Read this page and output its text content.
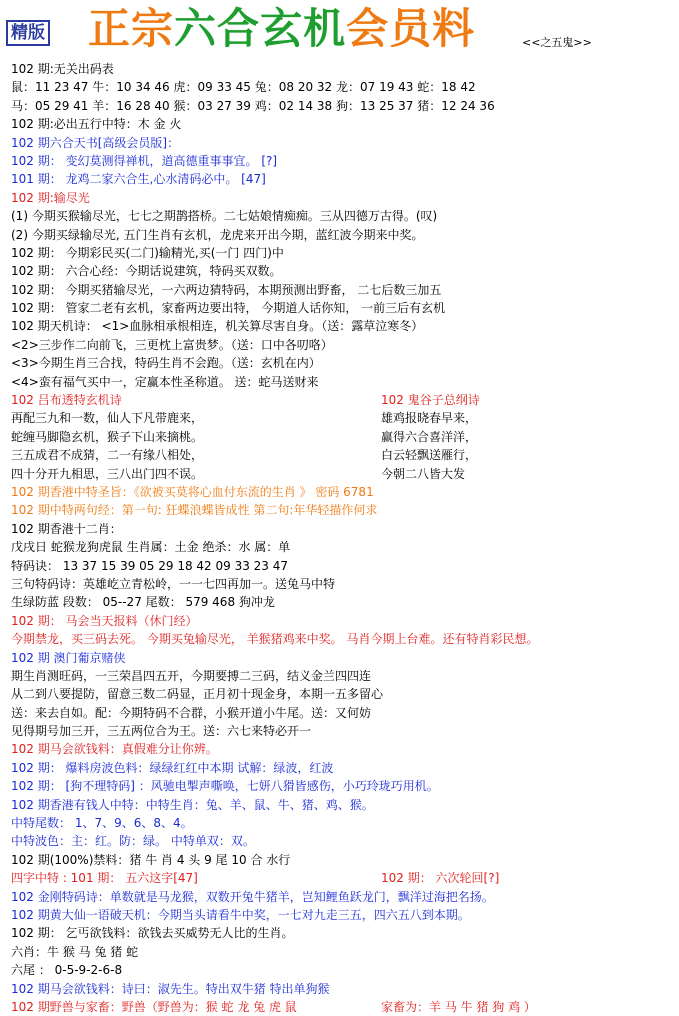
精版 正宗六合玄机会员料	<<之五鬼>>
102 期:无关出码表
鼠：11 23 47 牛：10 34 46 虎：09 33 45 兔：08 20 32 龙：07 19 43 蛇：18 42
马：05 29 41 羊：16 28 40 猴：03 27 39 鸡：02 14 38 狗：13 25 37 猪：12 24 36
102 期:必出五行中特：木 金 火
102 期六合天书[高级会员版]：
102 期： 变幻莫测得禅机，道高德重事事宜。 [?]
101 期： 龙鸡二家六合生,心水清码必中。 [47]
102 期:输尽光
(1) 今期买猴输尽光，七七之期鹊搭桥。二七姑娘情痴痴。三从四德万古得。(叹)
(2) 今期买绿输尽光, 五门生肖有玄机，龙虎来开出今期，蓝红波今期来中奖。
102 期： 今期彩民买(二门)输精光,买(一门 四门)中
102 期： 六合心经：今期话说建筑，特码买双数。
102 期： 今期买猪输尽光，一六两边猜特码，本期预测出野畜， 二七后数三加五
102 期： 管家二老有玄机，家畜两边要出特， 今期道人话你知， 一前三后有玄机
102 期天机诗： <1>血脉相承根相连，机关算尽害自身。（送：露草泣寒冬）
<2>三步作二向前飞，三更枕上富贵梦。（送：口中各叨咯）
<3>今期生肖三合找，特码生肖不会跑。（送：玄机在内）
<4>蛮有福气买中一，定赢本性圣称道。 送：蛇马送财来
102 吕布透特玄机诗	102 鬼谷子总纲诗
再配三九和一数，仙人下凡带鹿来，	雄鸡报晓春早来，
蛇缠马脚隐玄机，猴子下山来摘桃。	赢得六合喜洋洋，
三五成君不成猜，二一有缘八相处，	白云轻飘送雁行，
四十分开九相思，三八出门四不误。	今朝二八皆大发
102 期香港中特圣旨：《欲被买莫将心血付东流的生肖 》 密码 6781
102 期中特两句经：第一句: 狂蝶浪蝶皆成性 第二句:年华轻描作何求
102 期香港十二肖：
戊戌日 蛇猴龙狗虎鼠 生肖属：土金 绝杀：水 属：单
特码诀： 13 37 15 39 05 29 18 42 09 33 23 47
三句特码诗：英雄屹立青松岭，一一七四再加一。送兔马中特
生绿防蓝 段数： 05--27 尾数： 579 468 狗冲龙
102 期： 马会当天报料（休门经）
今期禁龙，买三码去死。 今期买兔输尽光， 羊猴猪鸡来中奖。 马肖今期上台难。还有特肖彩民想。
102 期 澳门葡京赌侠
期生肖测旺码，一三荣昌四五开，今期要搏二三码，结义金兰四四连
从二到八要提防，留意三数二码显，正月初十现金身，本期一五多留心
送：来去自如。配：今期特码不合群，小猴开道小牛尾。送：又何妨
见得期号加三开，三五两位合为王。送：六七来特必开一
102 期马会欲钱料：真假难分让你辨。
102 期： 爆料房波色料：绿绿红红中本期 试解：绿波，红波
102 期： [狗不理特码] ：风驰电掣声嘶唤，七妍八猾皆感伤，小巧玲珑巧用机。
102 期香港有钱人中特：中特生肖：兔、羊、鼠、牛、猪、鸡、猴。
中特尾数： 1、7、9、6、8、4。
中特波色：主：红。防：绿。 中特单双：双。
102 期(100%)禁料：猪 牛 肖 4 头 9 尾 10 合 水行
四字中特 : 101 期： 五六这字[47]	102 期： 六次轮回[?]
102 金刚特码诗：单数就是马龙猴，双数开兔牛猪羊，岂知鲤鱼跃龙门，飘洋过海把名扬。
102 期黄大仙一语破天机：今期当头请看牛中奖，一七对九走三五，四六五八到本期。
102 期： 乞丐欲钱料：欲钱去买威势无人比的生肖。
六肖：牛 猴 马 兔 猪 蛇
六尾 ： 0-5-9-2-6-8
102 期马会欲钱料：诗曰：淑先生。特出双牛猪 特出单狗猴
102 期野兽与家畜：野兽（野兽为：猴 蛇 龙 兔 虎 鼠	家畜为：羊 马 牛 猪 狗 鸡 ）
